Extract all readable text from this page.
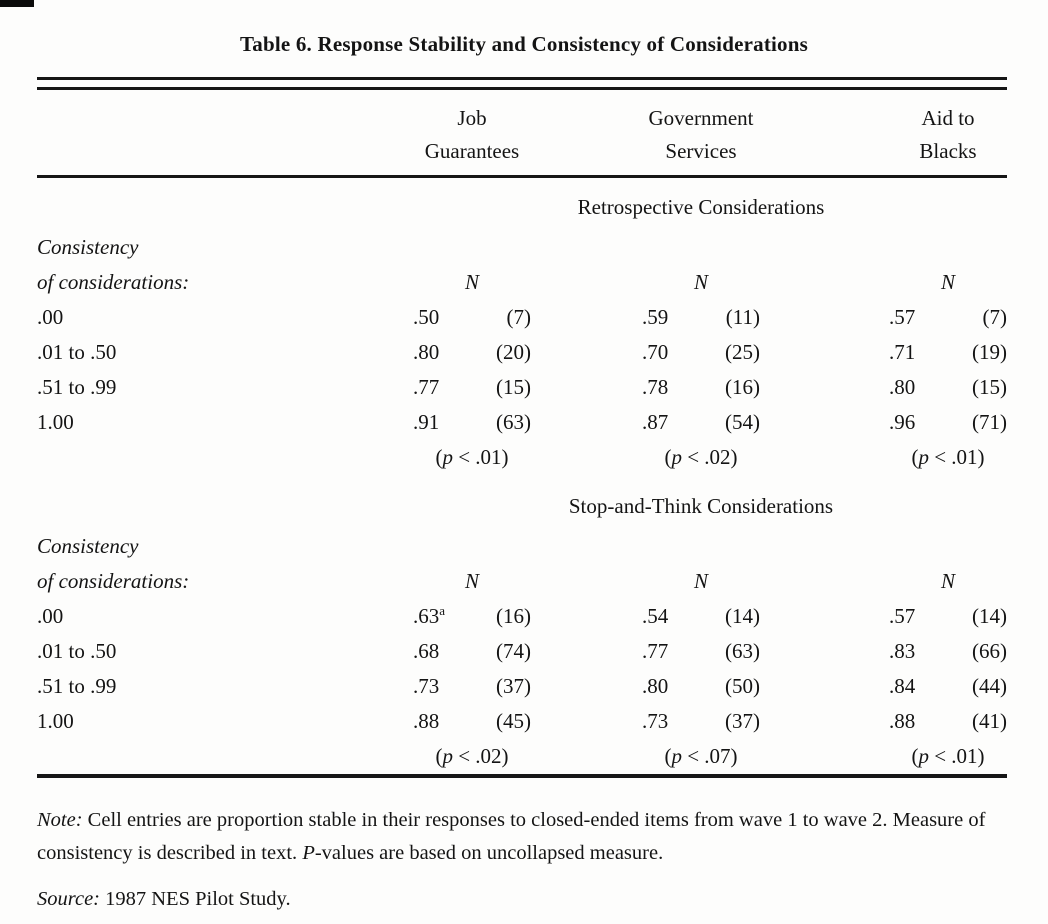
Table 6. Response Stability and Consistency of Considerations
Job
Guarantees
Government
Services
Aid to
Blacks
Retrospective Considerations
Consistency
of considerations:	N	N	N
.00	.50	(7)	.59	(11)	.57	(7)
.01 to .50	.80	(20)	.70	(25)	.71	(19)
.51 to .99	.77	(15)	.78	(16)	.80	(15)
1.00	.91	(63)	.87	(54)	.96	(71)
( p < .01)	( p < .02)	( p < .01)
Stop-and-Think Considerations
Consistency
of considerations:	N	N	N
.00	.63$^a$	(16)	.54	(14)	.57	(14)
.01 to .50	.68	(74)	.77	(63)	.83	(66)
.51 to .99	.73	(37)	.80	(50)	.84	(44)
1.00	.88	(45)	.73	(37)	.88	(41)
( p < .02)	( p < .07)	( p < .01)

Note: Cell entries are proportion stable in their responses to closed-ended items from wave 1 to wave 2. Measure of consistency is described in text. P-values are based on uncollapsed measure.

Source: 1987 NES Pilot Study.
